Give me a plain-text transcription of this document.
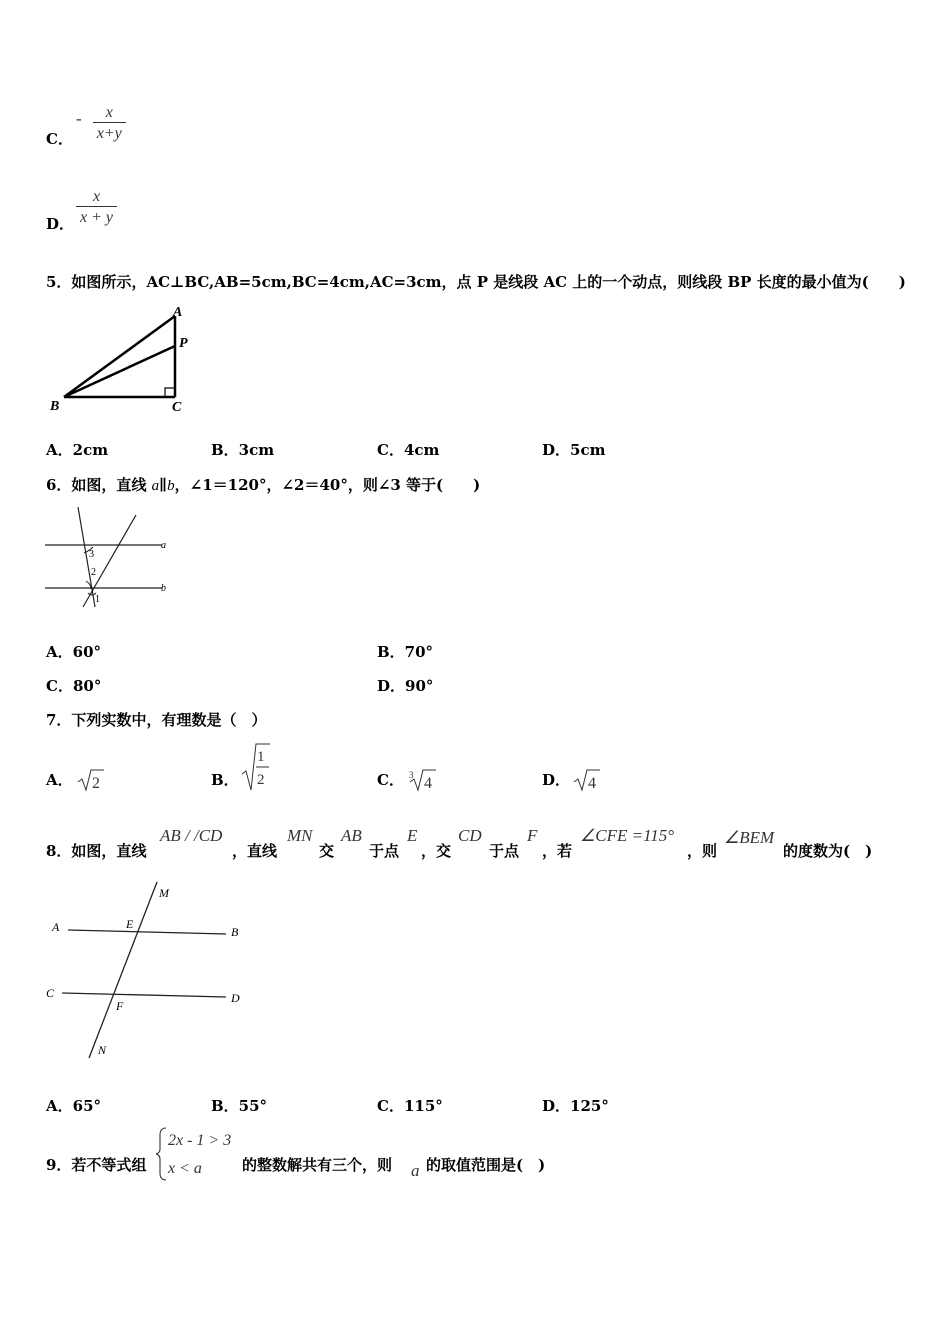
C．
- $\frac{x}{x+y}$
D． $\frac{x}{x + y}$
5．如图所示，AC⊥BC,AB=5cm,BC=4cm,AC=3cm，点 P 是线段 AC 上的一个动点，则线段 BP 长度的最小值为(　　)
A
P
B	C
A．2cm	B．3cm	C．4cm	D．5cm
6．如图，直线 a∥b，∠1＝120°，∠2＝40°，则∠3 等于(　　)
3
2
1
a
b
A．60°	B．70°
C．80°	D．90°
7．下列实数中，有理数是（　）
A． 2	B．
1
2	C． 3 4	D． 4
8．如图，直线
AB / /CD
，直线
MN
交
AB
于点
E
，交
CD
于点
F
，若
∠CFE =115°
，则
∠BEM
的度数为(　)
M
A	E
B
C
F
D
N
A．65°	B．55°	C．115°	D．125°
9．若不等式组
2x - 1 > 3
x < a	的整数解共有三个，则 a 的取值范围是(　)
